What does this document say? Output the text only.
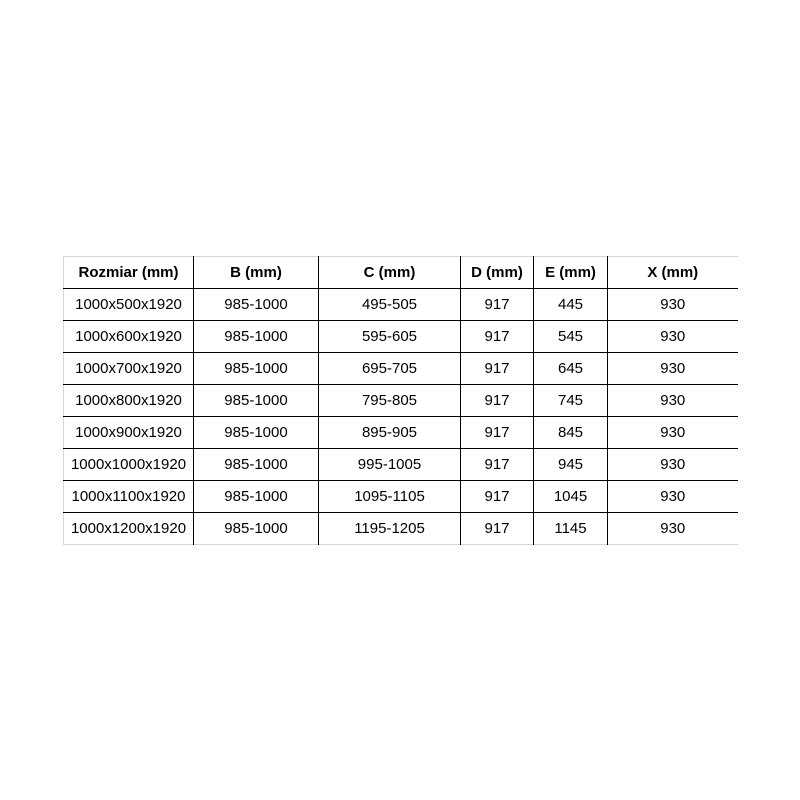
Rozmiar (mm)	B (mm)	C (mm)	D (mm)	E (mm)	X (mm)
1000x500x1920	985-1000	495-505	917	445	930
1000x600x1920	985-1000	595-605	917	545	930
1000x700x1920	985-1000	695-705	917	645	930
1000x800x1920	985-1000	795-805	917	745	930
1000x900x1920	985-1000	895-905	917	845	930
1000x1000x1920	985-1000	995-1005	917	945	930
1000x1100x1920	985-1000	1095-1105	917	1045	930
1000x1200x1920	985-1000	1195-1205	917	1145	930
